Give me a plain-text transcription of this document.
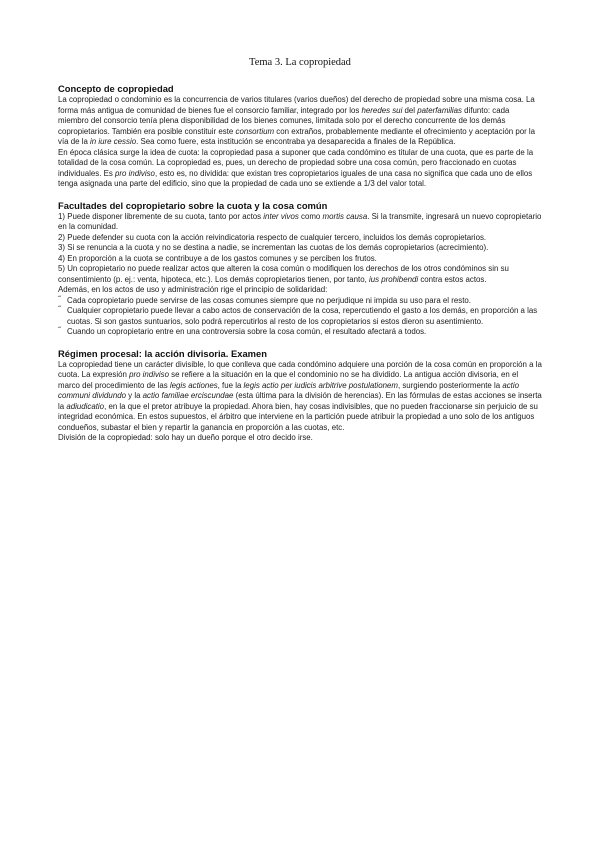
Tema 3. La copropiedad
Concepto de copropiedad

La copropiedad o condominio es la concurrencia de varios titulares (varios dueños) del derecho de propiedad sobre una misma cosa. La forma más antigua de comunidad de bienes fue el consorcio familiar, integrado por los heredes sui del paterfamilias difunto: cada miembro del consorcio tenía plena disponibilidad de los bienes comunes, limitada solo por el derecho concurrente de los demás copropietarios. También era posible constituir este consortium con extraños, probablemente mediante el ofrecimiento y aceptación por la vía de la in iure cessio. Sea como fuere, esta institución se encontraba ya desaparecida a finales de la República.

En época clásica surge la idea de cuota: la copropiedad pasa a suponer que cada condómino es titular de una cuota, que es parte de la totalidad de la cosa común. La copropiedad es, pues, un derecho de propiedad sobre una cosa común, pero fraccionado en cuotas individuales. Es pro indiviso, esto es, no dividida: que existan tres copropietarios iguales de una casa no significa que cada uno de ellos tenga asignada una parte del edificio, sino que la propiedad de cada uno se extiende a 1/3 del valor total.

Facultades del copropietario sobre la cuota y la cosa común

1) Puede disponer libremente de su cuota, tanto por actos inter vivos como mortis causa. Si la transmite, ingresará un nuevo copropietario en la comunidad.

2) Puede defender su cuota con la acción reivindicatoria respecto de cualquier tercero, incluidos los demás copropietarios.

3) Si se renuncia a la cuota y no se destina a nadie, se incrementan las cuotas de los demás copropietarios (acrecimiento).

4) En proporción a la cuota se contribuye a de los gastos comunes y se perciben los frutos.

5) Un copropietario no puede realizar actos que alteren la cosa común o modifiquen los derechos de los otros condóminos sin su consentimiento (p. ej.: venta, hipoteca, etc.). Los demás copropietarios tienen, por tanto, ius prohibendi contra estos actos.

Además, en los actos de uso y administración rige el principio de solidaridad:

˝ Cada copropietario puede servirse de las cosas comunes siempre que no perjudique ni impida su uso para el resto.
˝ Cualquier copropietario puede llevar a cabo actos de conservación de la cosa, repercutiendo el gasto a los demás, en proporción a las cuotas. Si son gastos suntuarios, solo podrá repercutirlos al resto de los copropietarios si estos dieron su asentimiento.
˝ Cuando un copropietario entre en una controversia sobre la cosa común, el resultado afectará a todos.
Régimen procesal: la acción divisoria. Examen

La copropiedad tiene un carácter divisible, lo que conlleva que cada condómino adquiere una porción de la cosa común en proporción a la cuota. La expresión pro indiviso se refiere a la situación en la que el condominio no se ha dividido. La antigua acción divisoria, en el marco del procedimiento de las legis actiones, fue la legis actio per iudicis arbitrive postulationem, surgiendo posteriormente la actio communi dividundo y la actio familiae erciscundae (esta última para la división de herencias). En las fórmulas de estas acciones se inserta la adiudicatio, en la que el pretor atribuye la propiedad. Ahora bien, hay cosas indivisibles, que no pueden fraccionarse sin perjuicio de su integridad económica. En estos supuestos, el árbitro que interviene en la partición puede atribuir la propiedad a uno solo de los antiguos condueños, subastar el bien y repartir la ganancia en proporción a las cuotas, etc.

División de la copropiedad: solo hay un dueño porque el otro decido irse.
